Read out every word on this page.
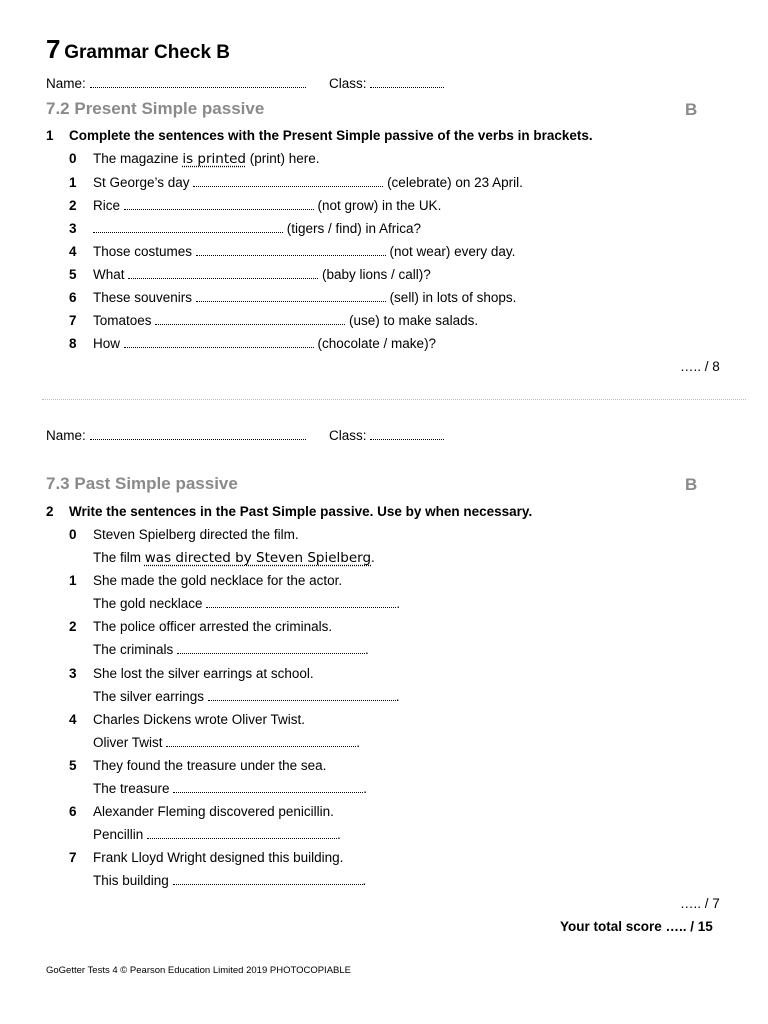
7 Grammar Check B
Name:	Class:
7.2 Present Simple passive	B
1 Complete the sentences with the Present Simple passive of the verbs in brackets.
0 The magazine is printed (print) here.
1 St George’s day	(celebrate) on 23 April.
2 Rice	(not grow) in the UK.
3	(tigers / find) in Africa?
4 Those costumes	(not wear) every day.
5 What	(baby lions / call)?
6 These souvenirs	(sell) in lots of shops.
7 Tomatoes	(use) to make salads.
8 How	(chocolate / make)?
….. / 8
Name:	Class:
7.3 Past Simple passive	B
2 Write the sentences in the Past Simple passive. Use by when necessary.
0 Steven Spielberg directed the film.
The film was directed by Steven Spielberg.
1 She made the gold necklace for the actor.
The gold necklace	.
2 The police officer arrested the criminals.
The criminals	.
3 She lost the silver earrings at school.
The silver earrings	.
4 Charles Dickens wrote Oliver Twist.
Oliver Twist	.
5 They found the treasure under the sea.
The treasure	.
6 Alexander Fleming discovered penicillin.
Pencillin	.
7 Frank Lloyd Wright designed this building.
This building	.
….. / 7
Your total score ….. / 15
GoGetter Tests 4 © Pearson Education Limited 2019 PHOTOCOPIABLE
